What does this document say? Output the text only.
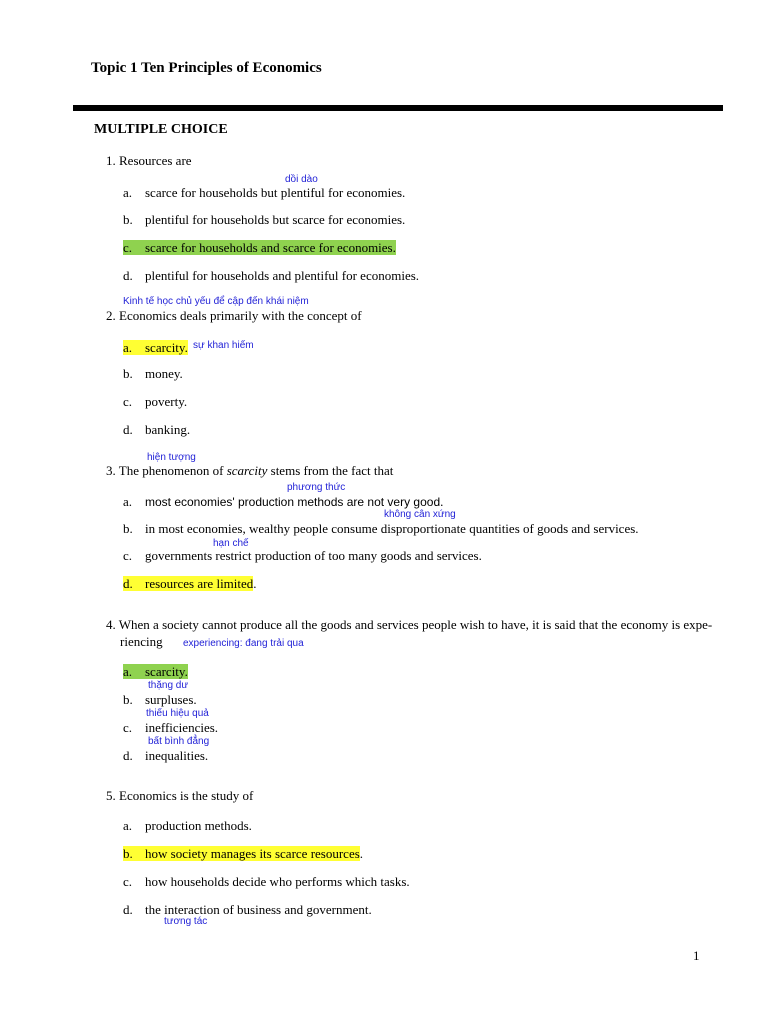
Topic 1 Ten Principles of Economics
MULTIPLE CHOICE
1. Resources are
dồi dào
a. scarce for households but plentiful for economies.
b. plentiful for households but scarce for economies.
c. scarce for households and scarce for economies.
d. plentiful for households and plentiful for economies.
Kinh tế học chủ yếu để cập đến khái niệm
2. Economics deals primarily with the concept of
a. scarcity. sự khan hiếm
b. money.
c. poverty.
d. banking.
hiện tượng
3. The phenomenon of scarcity stems from the fact that
phương thức
a. most economies' production methods are not very good.
không cân xứng
b. in most economies, wealthy people consume disproportionate quantities of goods and services.
hạn chế
c. governments restrict production of too many goods and services.
d. resources are limited.
4. When a society cannot produce all the goods and services people wish to have, it is said that the economy is expe-
riencing experiencing: đang trải qua
a. scarcity.
thặng dư
b. surpluses.
thiếu hiệu quả
c. inefficiencies.
bất bình đẳng
d. inequalities.
5. Economics is the study of
a. production methods.
b. how society manages its scarce resources.
c. how households decide who performs which tasks.
d. the interaction of business and government.
tương tác
1
